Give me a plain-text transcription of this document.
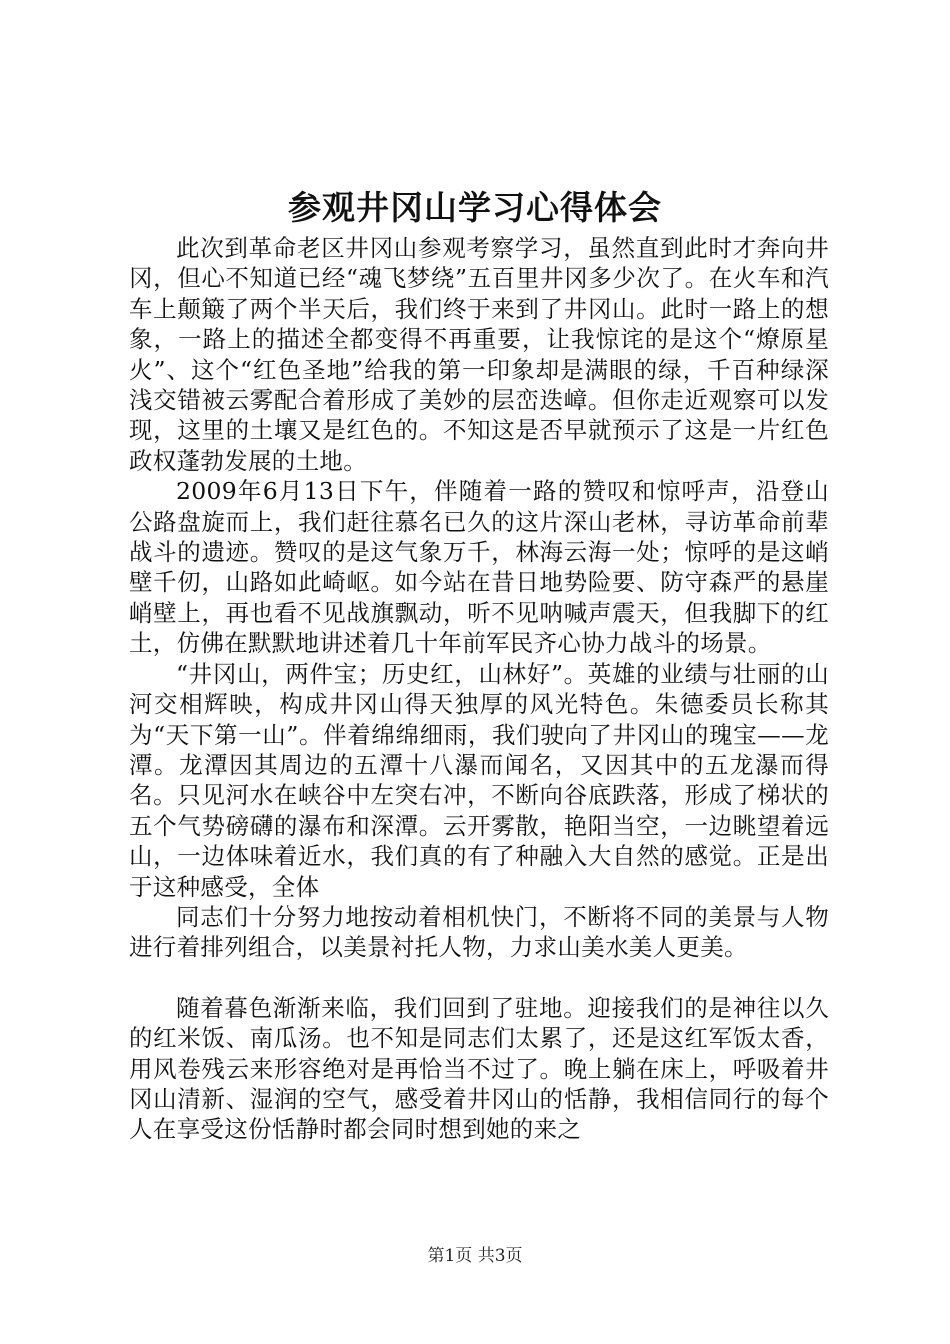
参观井冈山学习心得体会

此次到革命老区井冈山参观考察学习，虽然直到此时才奔向井冈，但心不知道已经“魂飞梦绕”五百里井冈多少次了。在火车和汽车上颠簸了两个半天后，我们终于来到了井冈山。此时一路上的想象，一路上的描述全都变得不再重要，让我惊诧的是这个“燎原星火”、这个“红色圣地”给我的第一印象却是满眼的绿，千百种绿深浅交错被云雾配合着形成了美妙的层峦迭嶂。但你走近观察可以发现，这里的土壤又是红色的。不知这是否早就预示了这是一片红色政权蓬勃发展的土地。

2009年6月13日下午，伴随着一路的赞叹和惊呼声，沿登山公路盘旋而上，我们赶往慕名已久的这片深山老林，寻访革命前辈战斗的遗迹。赞叹的是这气象万千，林海云海一处；惊呼的是这峭壁千仞，山路如此崎岖。如今站在昔日地势险要、防守森严的悬崖峭壁上，再也看不见战旗飘动，听不见呐喊声震天，但我脚下的红土，仿佛在默默地讲述着几十年前军民齐心协力战斗的场景。

“井冈山，两件宝；历史红，山林好”。英雄的业绩与壮丽的山河交相辉映，构成井冈山得天独厚的风光特色。朱德委员长称其为“天下第一山”。伴着绵绵细雨，我们驶向了井冈山的瑰宝——龙潭。龙潭因其周边的五潭十八瀑而闻名，又因其中的五龙瀑而得名。只见河水在峡谷中左突右冲，不断向谷底跌落，形成了梯状的五个气势磅礴的瀑布和深潭。云开雾散，艳阳当空，一边眺望着远山，一边体味着近水，我们真的有了种融入大自然的感觉。正是出于这种感受，全体

同志们十分努力地按动着相机快门，不断将不同的美景与人物进行着排列组合，以美景衬托人物，力求山美水美人更美。

随着暮色渐渐来临，我们回到了驻地。迎接我们的是神往以久的红米饭、南瓜汤。也不知是同志们太累了，还是这红军饭太香，用风卷残云来形容绝对是再恰当不过了。晚上躺在床上，呼吸着井冈山清新、湿润的空气，感受着井冈山的恬静，我相信同行的每个人在享受这份恬静时都会同时想到她的来之

第1页 共3页
